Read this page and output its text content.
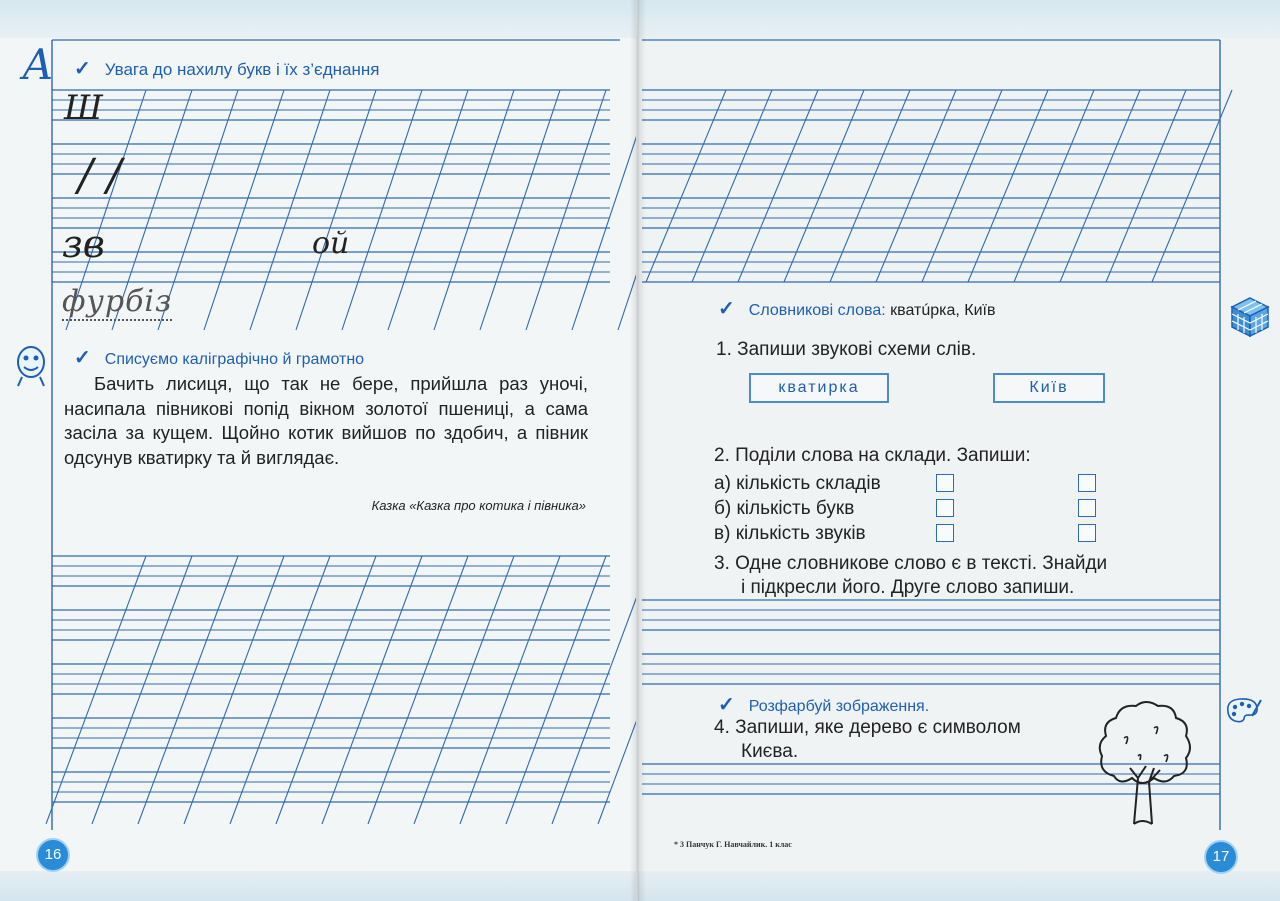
А ✓ Увага до нахилу букв і їх з’єднання
Ш
/ /
зв	ой
фурбіз
✓ Списуємо каліграфічно й грамотно
Бачить лисиця, що так не бере, прийшла раз уночі, насипала півникові попід вікном золотої пшениці, а сама засіла за кущем. Щойно котик вийшов по здобич, а півник одсунув кватирку та й виглядає.
Казка «Казка про котика і півника»
16
✓ Словникові слова: кватúрка, Київ
1. Запиши звукові схеми слів.
кватирка	Київ
2. Поділи слова на склади. Запиши:
а) кількість складів
б) кількість букв
в) кількість звуків
3. Одне словникове слово є в тексті. Знайди
і підкресли його. Друге слово запиши.
✓ Розфарбуй зображення.
4. Запиши, яке дерево є символом
Києва.
* 3 Панчук Г. Навчайлик. 1 клас
17
